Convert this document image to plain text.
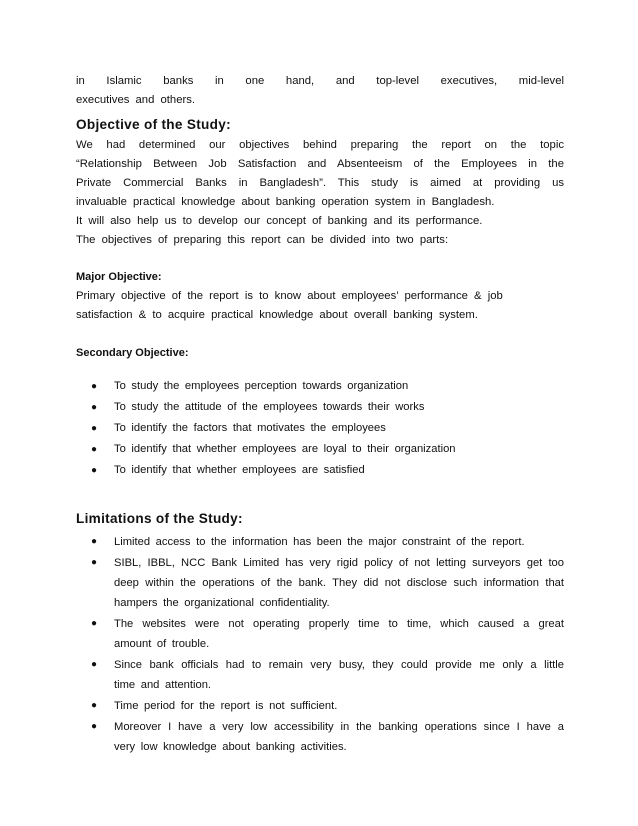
in Islamic banks in one hand, and top-level executives, mid-level

executives and others.

Objective of the Study:

We had determined our objectives behind preparing the report on the topic

“Relationship Between Job Satisfaction and Absenteeism of the Employees in the

Private Commercial Banks in Bangladesh”. This study is aimed at providing us

invaluable practical knowledge about banking operation system in Bangladesh.

It will also help us to develop our concept of banking and its performance.

The objectives of preparing this report can be divided into two parts:

Major Objective:

Primary objective of the report is to know about employees’ performance & job

satisfaction & to acquire practical knowledge about overall banking system.

Secondary Objective:
● To study the employees perception towards organization
● To study the attitude of the employees towards their works
● To identify the factors that motivates the employees
● To identify that whether employees are loyal to their organization
● To identify that whether employees are satisfied
Limitations of the Study:
● Limited access to the information has been the major constraint of the report.
● SIBL, IBBL, NCC Bank Limited has very rigid policy of not letting surveyors get too deep within the operations of the bank. They did not disclose such information that hampers the organizational confidentiality.
● The websites were not operating properly time to time, which caused a great amount of trouble.
● Since bank officials had to remain very busy, they could provide me only a little time and attention.
● Time period for the report is not sufficient.
● Moreover I have a very low accessibility in the banking operations since I have a very low knowledge about banking activities.
